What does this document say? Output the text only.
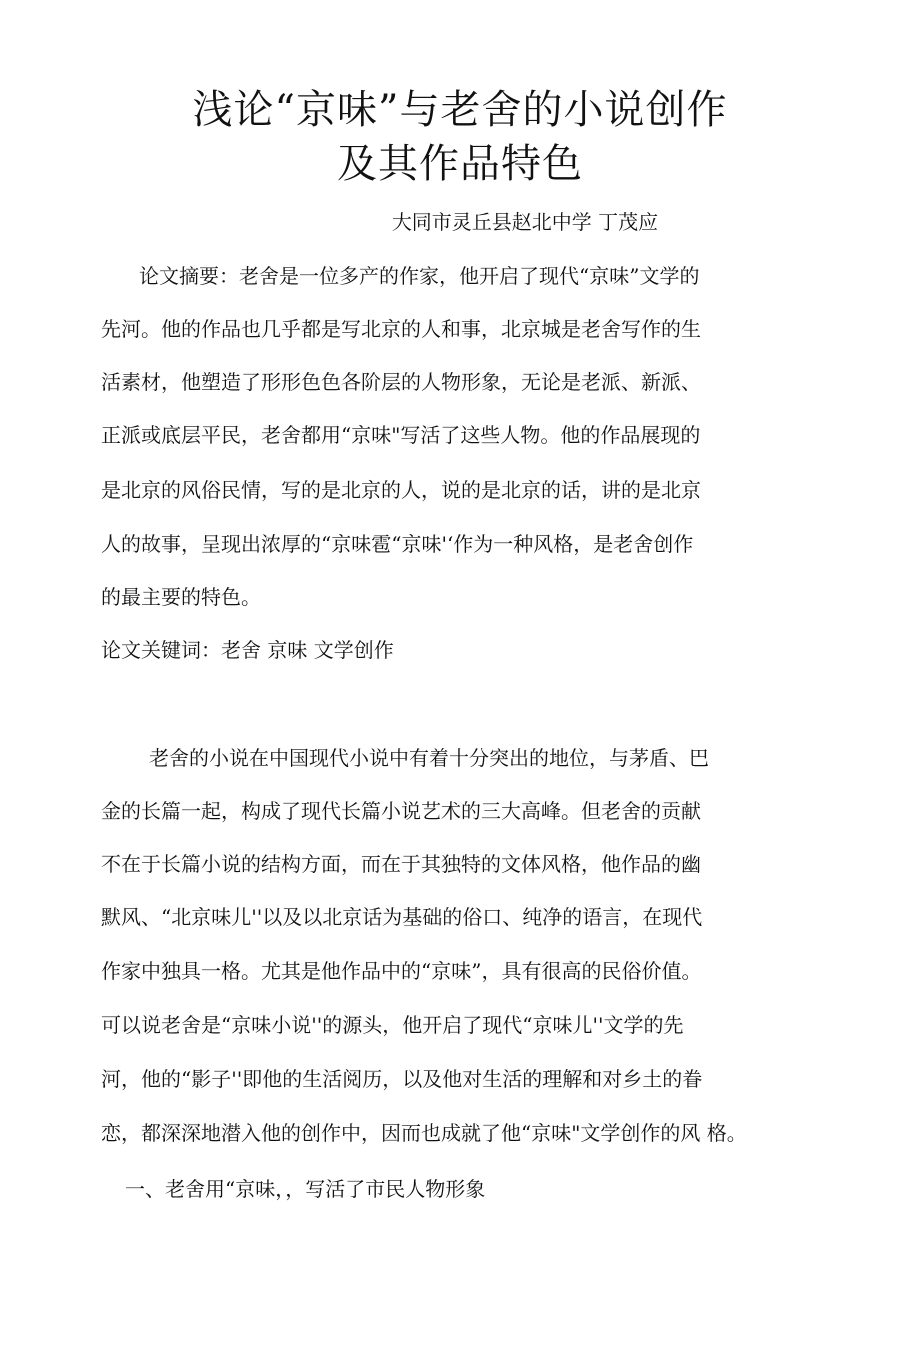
浅论“京味”与老舍的小说创作
及其作品特色
大同市灵丘县赵北中学 丁茂应
论文摘要：老舍是一位多产的作家，他开启了现代“京味”文学的
先河。他的作品也几乎都是写北京的人和事，北京城是老舍写作的生
活素材，他塑造了形形色色各阶层的人物形象，无论是老派、新派、
正派或底层平民，老舍都用“京味"写活了这些人物。他的作品展现的
是北京的风俗民情，写的是北京的人，说的是北京的话，讲的是北京
人的故事，呈现出浓厚的“京味雹“京味'‘作为一种风格，是老舍创作
的最主要的特色。
论文关键词：老舍 京味 文学创作
老舍的小说在中国现代小说中有着十分突出的地位，与茅盾、巴
金的长篇一起，构成了现代长篇小说艺术的三大高峰。但老舍的贡献
不在于长篇小说的结构方面，而在于其独特的文体风格，他作品的幽
默风、“北京味儿''以及以北京话为基础的俗口、纯净的语言，在现代
作家中独具一格。尤其是他作品中的“京味”，具有很高的民俗价值。
可以说老舍是“京味小说''的源头，他开启了现代“京味儿''文学的先
河，他的“影子''即他的生活阅历，以及他对生活的理解和对乡土的眷
恋，都深深地潜入他的创作中，因而也成就了他“京味"文学创作的风 格。
一、老舍用“京味，，写活了市民人物形象
